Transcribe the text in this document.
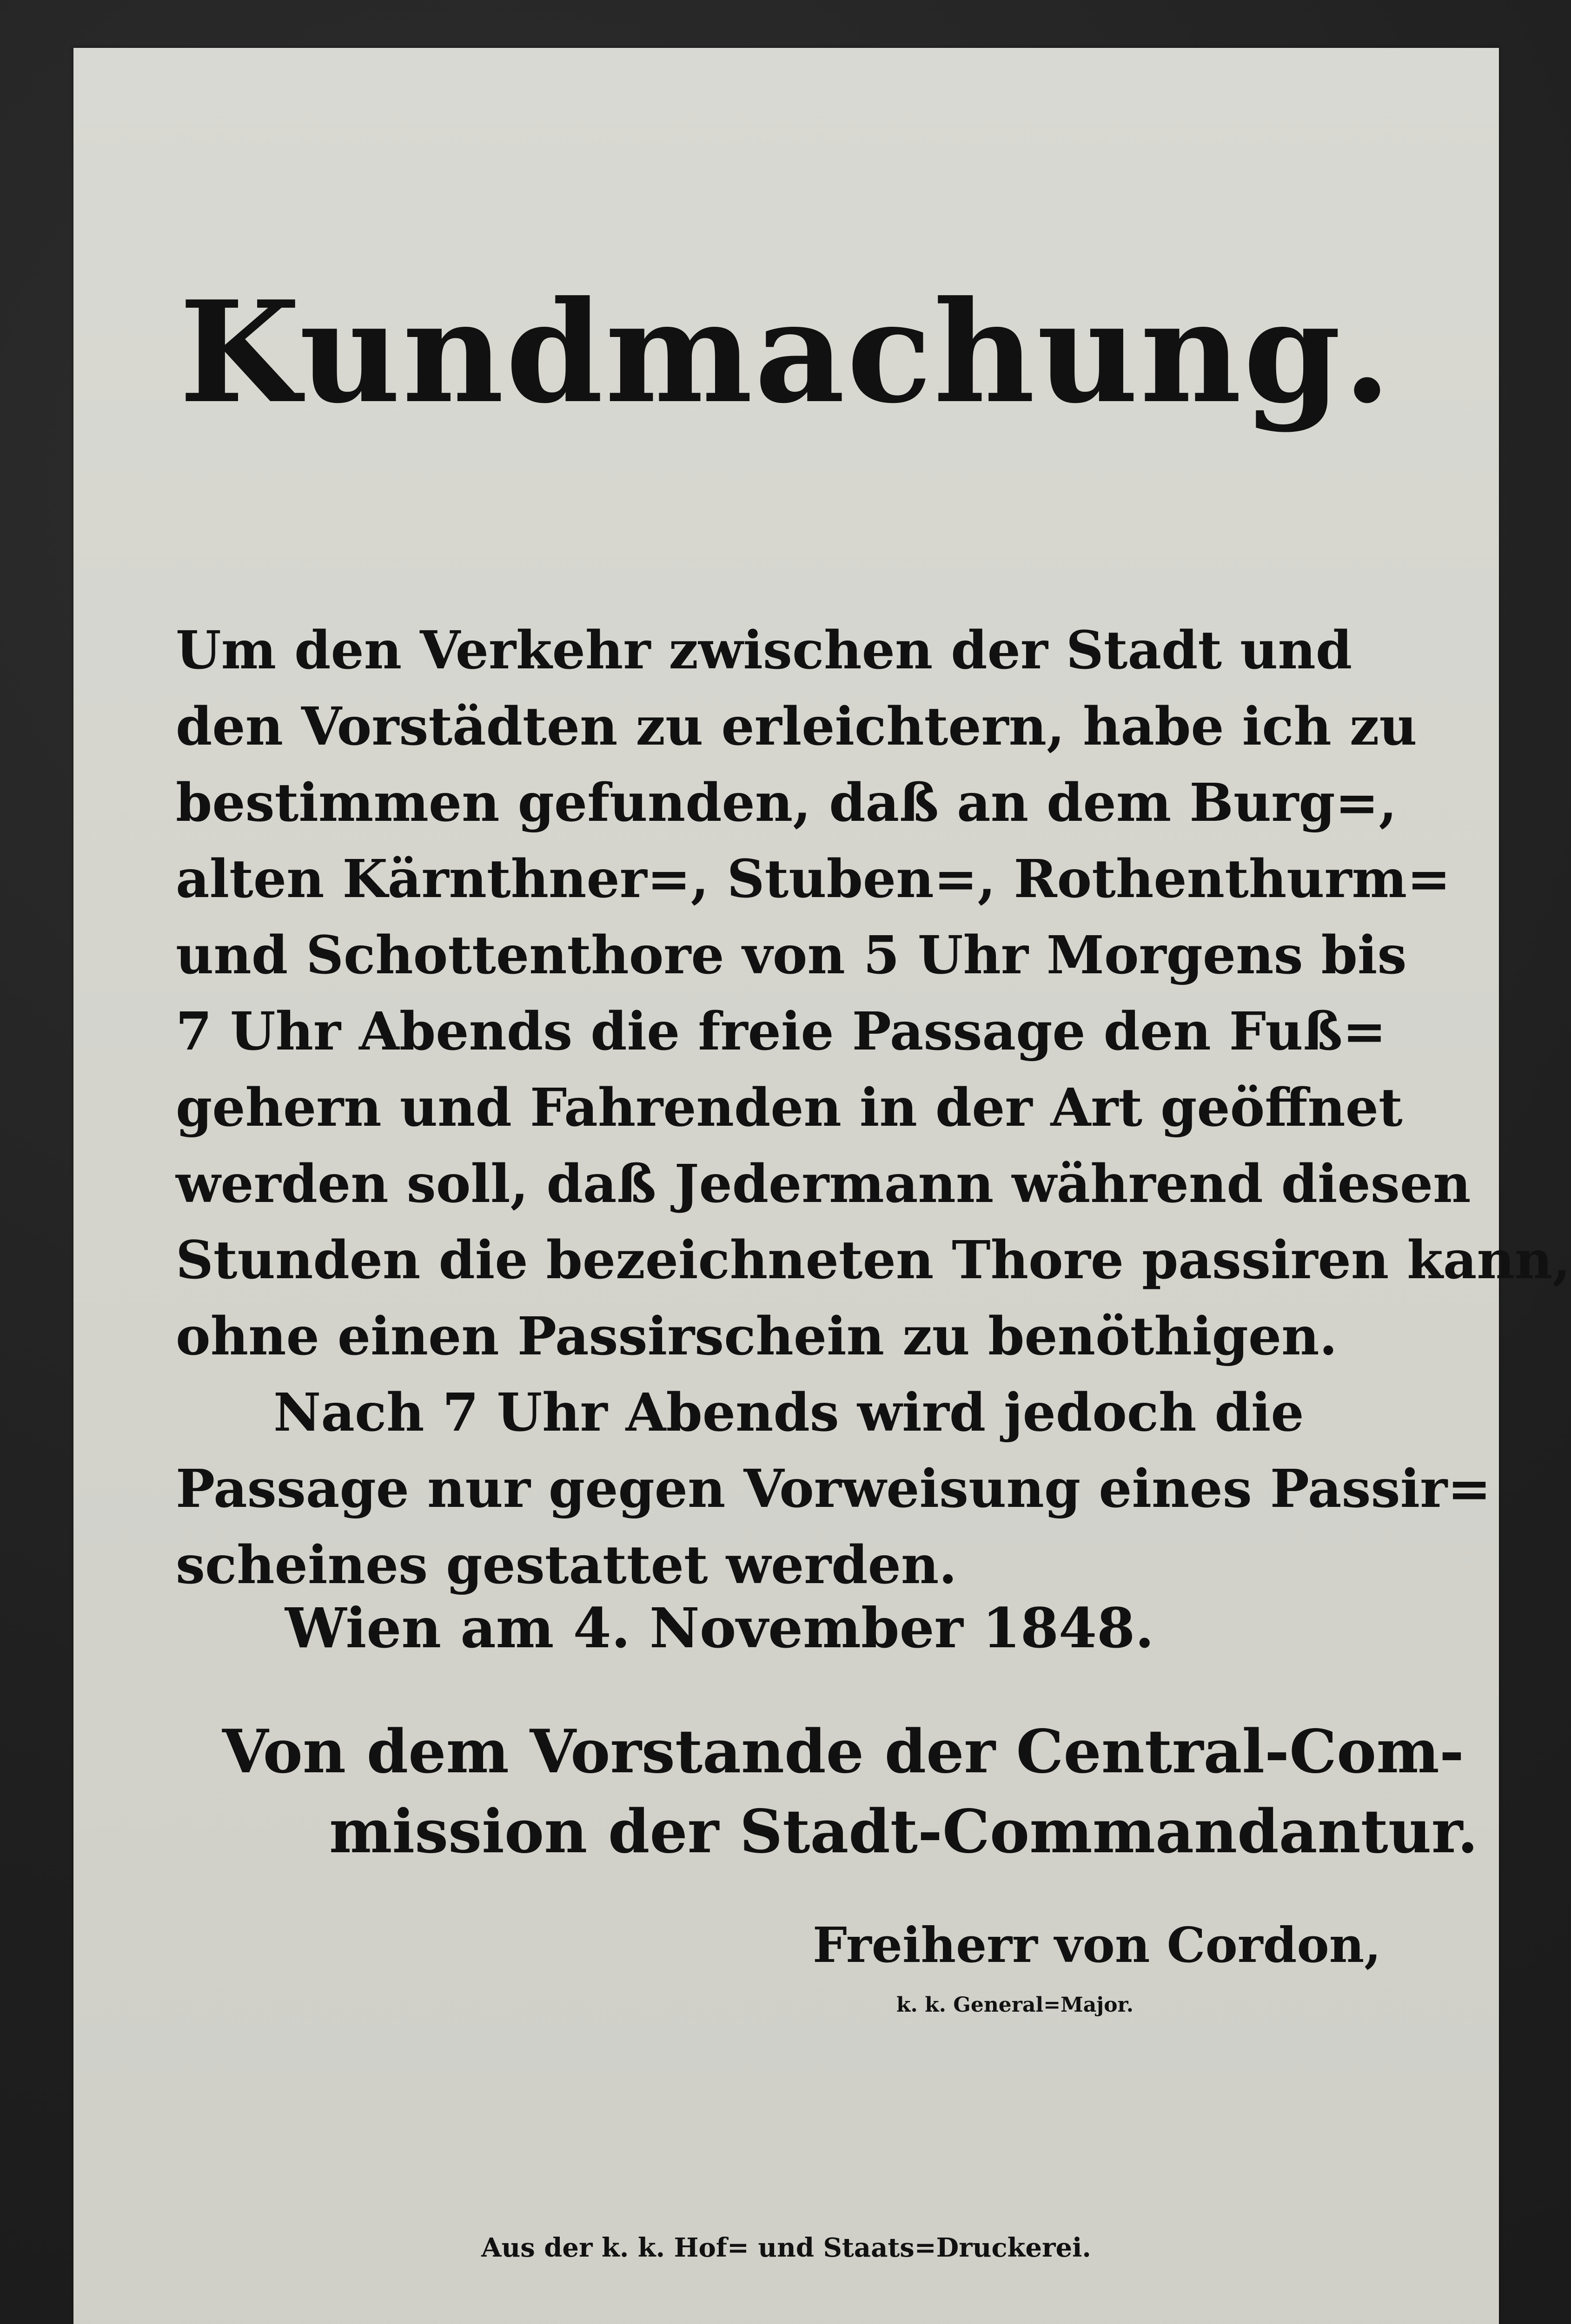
Kundmachung.
Um den Verkehr zwischen der Stadt und
den Vorstädten zu erleichtern, habe ich zu
bestimmen gefunden, daß an dem Burg=,
alten Kärnthner=, Stuben=, Rothenthurm=
und Schottenthore von 5 Uhr Morgens bis
7 Uhr Abends die freie Passage den Fuß=
gehern und Fahrenden in der Art geöffnet
werden soll, daß Jedermann während diesen
Stunden die bezeichneten Thore passiren kann,
ohne einen Passirschein zu benöthigen.
Nach 7 Uhr Abends wird jedoch die
Passage nur gegen Vorweisung eines Passir=
scheines gestattet werden.
Wien am 4. November 1848.
Von dem Vorstande der Central-Com-
mission der Stadt-Commandantur.
Freiherr von Cordon,
k. k. General=Major.
Aus der k. k. Hof= und Staats=Druckerei.
